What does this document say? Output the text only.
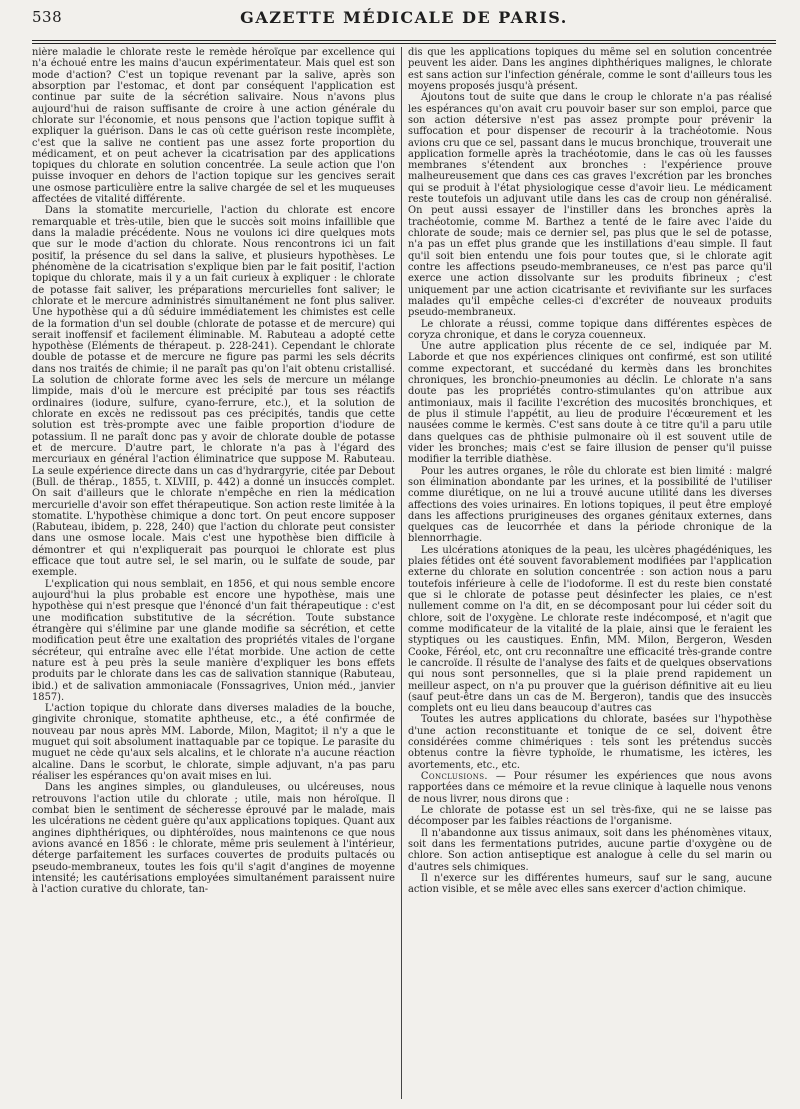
538	GAZETTE MÉDICALE DE PARIS.

nière maladie le chlorate reste le remède héroïque par excellence qui n'a échoué entre les mains d'aucun expérimentateur. Mais quel est son mode d'action? C'est un topique revenant par la salive, après son absorption par l'estomac, et dont par conséquent l'application est continue par suite de la sécrétion salivaire. Nous n'avons plus aujourd'hui de raison suffisante de croire à une action générale du chlorate sur l'économie, et nous pensons que l'action topique suffit à expliquer la guérison. Dans le cas où cette guérison reste incomplète, c'est que la salive ne contient pas une assez forte proportion du médicament, et on peut achever la cicatrisation par des applications topiques du chlorate en solution concentrée. La seule action que l'on puisse invoquer en dehors de l'action topique sur les gencives serait une osmose particulière entre la salive chargée de sel et les muqueuses affectées de vitalité différente.

Dans la stomatite mercurielle, l'action du chlorate est encore remarquable et très-utile, bien que le succès soit moins infaillible que dans la maladie précédente. Nous ne voulons ici dire quelques mots que sur le mode d'action du chlorate. Nous rencontrons ici un fait positif, la présence du sel dans la salive, et plusieurs hypothèses. Le phénomène de la cicatrisation s'explique bien par le fait positif, l'action topique du chlorate, mais il y a un fait curieux à expliquer : le chlorate de potasse fait saliver, les préparations mercurielles font saliver; le chlorate et le mercure administrés simultanément ne font plus saliver. Une hypothèse qui a dû séduire immédiatement les chimistes est celle de la formation d'un sel double (chlorate de potasse et de mercure) qui serait inoffensif et facilement éliminable. M. Rabuteau a adopté cette hypothèse (Eléments de thérapeut. p. 228-241). Cependant le chlorate double de potasse et de mercure ne figure pas parmi les sels décrits dans nos traités de chimie; il ne paraît pas qu'on l'ait obtenu cristallisé. La solution de chlorate forme avec les sels de mercure un mélange limpide, mais d'où le mercure est précipité par tous ses réactifs ordinaires (iodure, sulfure, cyano-ferrure, etc.), et la solution de chlorate en excès ne redissout pas ces précipités, tandis que cette solution est très-prompte avec une faible proportion d'iodure de potassium. Il ne paraît donc pas y avoir de chlorate double de potasse et de mercure. D'autre part, le chlorate n'a pas à l'égard des mercuriaux en général l'action éliminatrice que suppose M. Rabuteau. La seule expérience directe dans un cas d'hydrargyrie, citée par Debout (Bull. de thérap., 1855, t. XLVIII, p. 442) a donné un insuccès complet. On sait d'ailleurs que le chlorate n'empêche en rien la médication mercurielle d'avoir son effet thérapeutique. Son action reste limitée à la stomatite. L'hypothèse chimique a donc tort. On peut encore supposer (Rabuteau, ibidem, p. 228, 240) que l'action du chlorate peut consister dans une osmose locale. Mais c'est une hypothèse bien difficile à démontrer et qui n'expliquerait pas pourquoi le chlorate est plus efficace que tout autre sel, le sel marin, ou le sulfate de soude, par exemple.

L'explication qui nous semblait, en 1856, et qui nous semble encore aujourd'hui la plus probable est encore une hypothèse, mais une hypothèse qui n'est presque que l'énoncé d'un fait thérapeutique : c'est une modification substitutive de la sécrétion. Toute substance étrangère qui s'élimine par une glande modifie sa sécrétion, et cette modification peut être une exaltation des propriétés vitales de l'organe sécréteur, qui entraîne avec elle l'état morbide. Une action de cette nature est à peu près la seule manière d'expliquer les bons effets produits par le chlorate dans les cas de salivation stannique (Rabuteau, ibid.) et de salivation ammoniacale (Fonssagrives, Union méd., janvier 1857).

L'action topique du chlorate dans diverses maladies de la bouche, gingivite chronique, stomatite aphtheuse, etc., a été confirmée de nouveau par nous après MM. Laborde, Milon, Magitot; il n'y a que le muguet qui soit absolument inattaquable par ce topique. Le parasite du muguet ne cède qu'aux sels alcalins, et le chlorate n'a aucune réaction alcaline. Dans le scorbut, le chlorate, simple adjuvant, n'a pas paru réaliser les espérances qu'on avait mises en lui.

Dans les angines simples, ou glanduleuses, ou ulcéreuses, nous retrouvons l'action utile du chlorate ; utile, mais non héroïque. Il combat bien le sentiment de sécheresse éprouvé par le malade, mais les ulcérations ne cèdent guère qu'aux applications topiques. Quant aux angines diphthériques, ou diphtéroïdes, nous maintenons ce que nous avions avancé en 1856 : le chlorate, même pris seulement à l'intérieur, déterge parfaitement les surfaces couvertes de produits pultacés ou pseudo-membraneux, toutes les fois qu'il s'agit d'angines de moyenne intensité; les cautérisations employées simultanément paraissent nuire à l'action curative du chlorate, tan-

dis que les applications topiques du même sel en solution concentrée peuvent les aider. Dans les angines diphthériques malignes, le chlorate est sans action sur l'infection générale, comme le sont d'ailleurs tous les moyens proposés jusqu'à présent.

Ajoutons tout de suite que dans le croup le chlorate n'a pas réalisé les espérances qu'on avait cru pouvoir baser sur son emploi, parce que son action détersive n'est pas assez prompte pour prévenir la suffocation et pour dispenser de recourir à la trachéotomie. Nous avions cru que ce sel, passant dans le mucus bronchique, trouverait une application formelle après la trachéotomie, dans le cas où les fausses membranes s'étendent aux bronches : l'expérience prouve malheureusement que dans ces cas graves l'excrétion par les bronches qui se produit à l'état physiologique cesse d'avoir lieu. Le médicament reste toutefois un adjuvant utile dans les cas de croup non généralisé. On peut aussi essayer de l'instiller dans les bronches après la trachéotomie, comme M. Barthez a tenté de le faire avec l'aide du chlorate de soude; mais ce dernier sel, pas plus que le sel de potasse, n'a pas un effet plus grande que les instillations d'eau simple. Il faut qu'il soit bien entendu une fois pour toutes que, si le chlorate agit contre les affections pseudo-membraneuses, ce n'est pas parce qu'il exerce une action dissolvante sur les produits fibrineux ; c'est uniquement par une action cicatrisante et revivifiante sur les surfaces malades qu'il empêche celles-ci d'excréter de nouveaux produits pseudo-membraneux.

Le chlorate a réussi, comme topique dans différentes espèces de coryza chronique, et dans le coryza couenneux.

Une autre application plus récente de ce sel, indiquée par M. Laborde et que nos expériences cliniques ont confirmé, est son utilité comme expectorant, et succédané du kermès dans les bronchites chroniques, les bronchio-pneumonies au déclin. Le chlorate n'a sans doute pas les propriétés contro-stimulantes qu'on attribue aux antimoniaux, mais il facilite l'excrétion des mucosités bronchiques, et de plus il stimule l'appétit, au lieu de produire l'écœurement et les nausées comme le kermès. C'est sans doute à ce titre qu'il a paru utile dans quelques cas de phthisie pulmonaire où il est souvent utile de vider les bronches; mais c'est se faire illusion de penser qu'il puisse modifier la terrible diathèse.

Pour les autres organes, le rôle du chlorate est bien limité : malgré son élimination abondante par les urines, et la possibilité de l'utiliser comme diurétique, on ne lui a trouvé aucune utilité dans les diverses affections des voies urinaires. En lotions topiques, il peut être employé dans les affections prurigineuses des organes génitaux externes, dans quelques cas de leucorrhée et dans la période chronique de la blennorrhagie.

Les ulcérations atoniques de la peau, les ulcères phagédéniques, les plaies fétides ont été souvent favorablement modifiées par l'application externe du chlorate en solution concentrée : son action nous a paru toutefois inférieure à celle de l'iodoforme. Il est du reste bien constaté que si le chlorate de potasse peut désinfecter les plaies, ce n'est nullement comme on l'a dit, en se décomposant pour lui céder soit du chlore, soit de l'oxygène. Le chlorate reste indécomposé, et n'agit que comme modificateur de la vitalité de la plaie, ainsi que le feraient les styptiques ou les caustiques. Enfin, MM. Milon, Bergeron, Wesden Cooke, Féréol, etc, ont cru reconnaître une efficacité très-grande contre le cancroïde. Il résulte de l'analyse des faits et de quelques observations qui nous sont personnelles, que si la plaie prend rapidement un meilleur aspect, on n'a pu prouver que la guérison définitive ait eu lieu (sauf peut-être dans un cas de M. Bergeron), tandis que des insuccès complets ont eu lieu dans beaucoup d'autres cas

Toutes les autres applications du chlorate, basées sur l'hypothèse d'une action reconstituante et tonique de ce sel, doivent être considérées comme chimériques : tels sont les prétendus succès obtenus contre la fièvre typhoïde, le rhumatisme, les ictères, les avortements, etc., etc.

Conclusions. — Pour résumer les expériences que nous avons rapportées dans ce mémoire et la revue clinique à laquelle nous venons de nous livrer, nous dirons que :

Le chlorate de potasse est un sel très-fixe, qui ne se laisse pas décomposer par les faibles réactions de l'organisme.

Il n'abandonne aux tissus animaux, soit dans les phénomènes vitaux, soit dans les fermentations putrides, aucune partie d'oxygène ou de chlore. Son action antiseptique est analogue à celle du sel marin ou d'autres sels chimiques.

Il n'exerce sur les différentes humeurs, sauf sur le sang, aucune action visible, et se mêle avec elles sans exercer d'action chimique.
